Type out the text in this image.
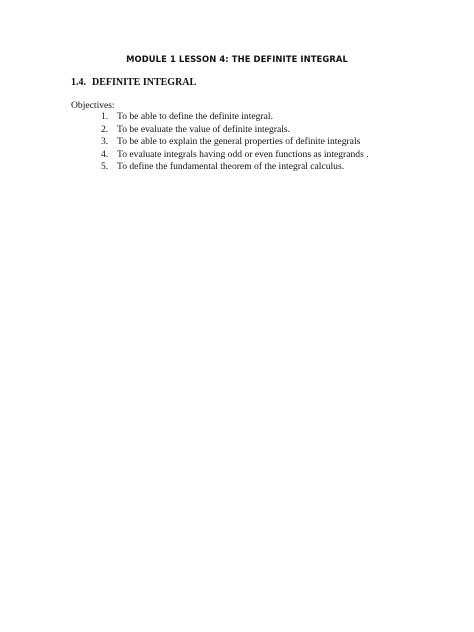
MODULE 1 LESSON 4: THE DEFINITE INTEGRAL
1.4. DEFINITE INTEGRAL

Objectives:

1. To be able to define the definite integral.
2. To be evaluate the value of definite integrals.
3. To be able to explain the general properties of definite integrals
4. To evaluate integrals having odd or even functions as integrands .
5. To define the fundamental theorem of the integral calculus.
